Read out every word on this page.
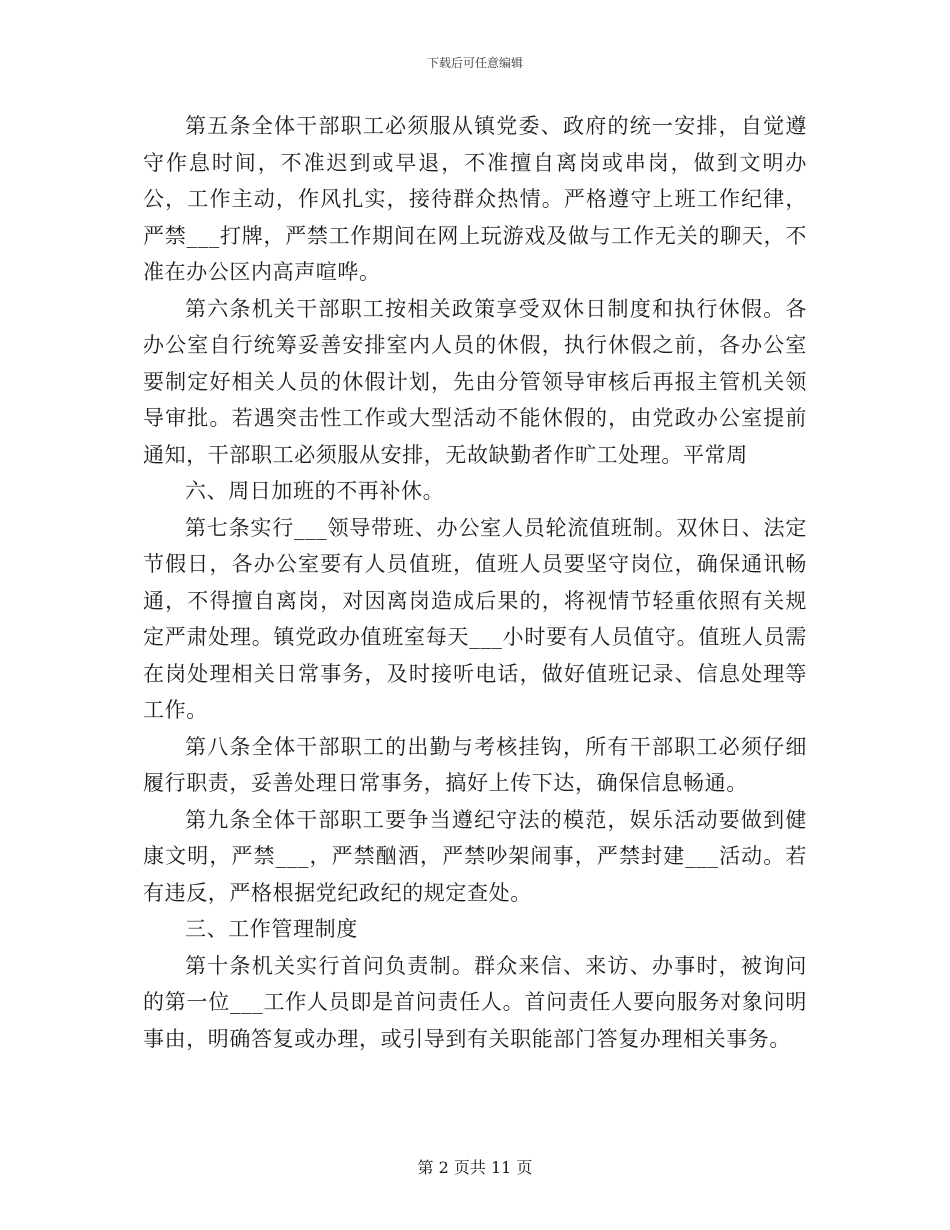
下载后可任意编辑

第五条全体干部职工必须服从镇党委、政府的统一安排，自觉遵守作息时间，不准迟到或早退，不准擅自离岗或串岗，做到文明办公，工作主动，作风扎实，接待群众热情。严格遵守上班工作纪律，严禁___打牌，严禁工作期间在网上玩游戏及做与工作无关的聊天，不准在办公区内高声喧哗。

第六条机关干部职工按相关政策享受双休日制度和执行休假。各办公室自行统筹妥善安排室内人员的休假，执行休假之前，各办公室要制定好相关人员的休假计划，先由分管领导审核后再报主管机关领导审批。若遇突击性工作或大型活动不能休假的，由党政办公室提前通知，干部职工必须服从安排，无故缺勤者作旷工处理。平常周

六、周日加班的不再补休。

第七条实行___领导带班、办公室人员轮流值班制。双休日、法定节假日，各办公室要有人员值班，值班人员要坚守岗位，确保通讯畅通，不得擅自离岗，对因离岗造成后果的，将视情节轻重依照有关规定严肃处理。镇党政办值班室每天___小时要有人员值守。值班人员需在岗处理相关日常事务，及时接听电话，做好值班记录、信息处理等工作。

第八条全体干部职工的出勤与考核挂钩，所有干部职工必须仔细履行职责，妥善处理日常事务，搞好上传下达，确保信息畅通。

第九条全体干部职工要争当遵纪守法的模范，娱乐活动要做到健康文明，严禁___，严禁酗酒，严禁吵架闹事，严禁封建___活动。若有违反，严格根据党纪政纪的规定查处。

三、工作管理制度

第十条机关实行首问负责制。群众来信、来访、办事时，被询问的第一位___工作人员即是首问责任人。首问责任人要向服务对象问明事由，明确答复或办理，或引导到有关职能部门答复办理相关事务。

第 2 页共 11 页
